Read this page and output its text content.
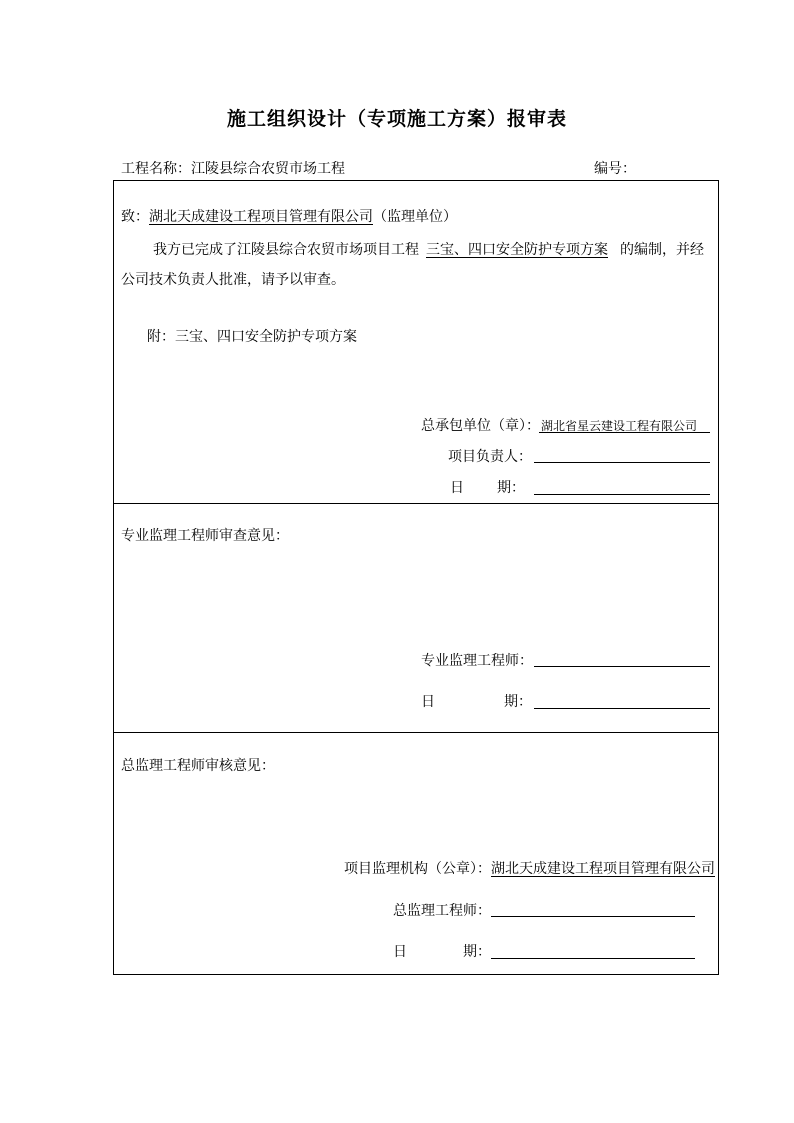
施工组织设计（专项施工方案）报审表
工程名称：江陵县综合农贸市场工程	编号：
致：湖北天成建设工程项目管理有限公司（监理单位）
我方已完成了江陵县综合农贸市场项目工程 三宝、四口安全防护专项方案 的编制，并经
公司技术负责人批准，请予以审查。
附：三宝、四口安全防护专项方案
总承包单位（章）： 湖北省星云建设工程有限公司
项目负责人：
日 期：
专业监理工程师审查意见：
专业监理工程师：
日	期：
总监理工程师审核意见：
项目监理机构（公章）：湖北天成建设工程项目管理有限公司
总监理工程师：
日	期：
